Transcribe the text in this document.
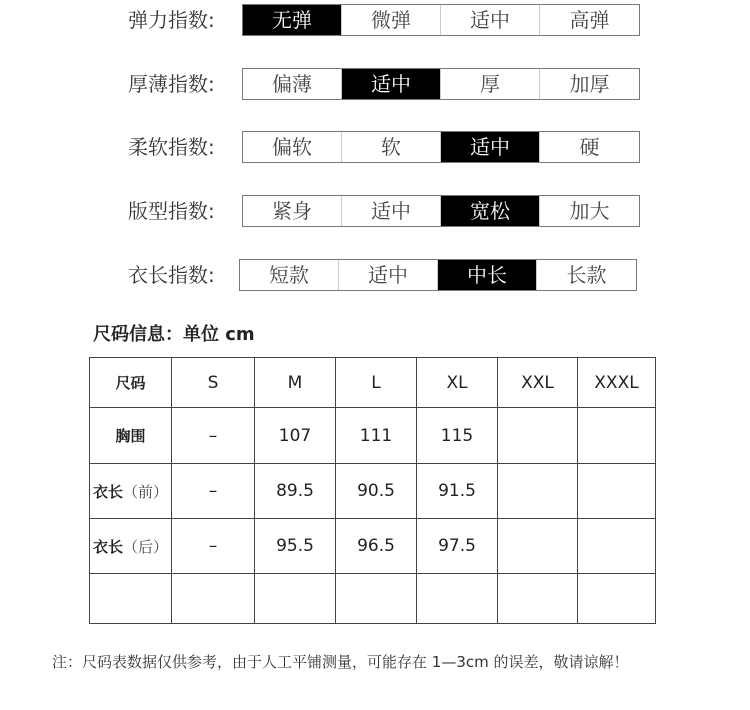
弹力指数:	无弹	微弹	适中	高弹
厚薄指数:	偏薄	适中	厚	加厚
柔软指数:	偏软	软	适中	硬
版型指数:	紧身	适中	宽松	加大
衣长指数:	短款	适中	中长	长款
尺码信息：单位 cm
尺码	S	M	L	XL	XXL	XXXL
胸围	–	107	111	115		
衣长（前）	–	89.5	90.5	91.5		
衣长（后）	–	95.5	96.5	97.5		

注：尺码表数据仅供参考，由于人工平铺测量，可能存在 1—3cm 的误差，敬请谅解！
